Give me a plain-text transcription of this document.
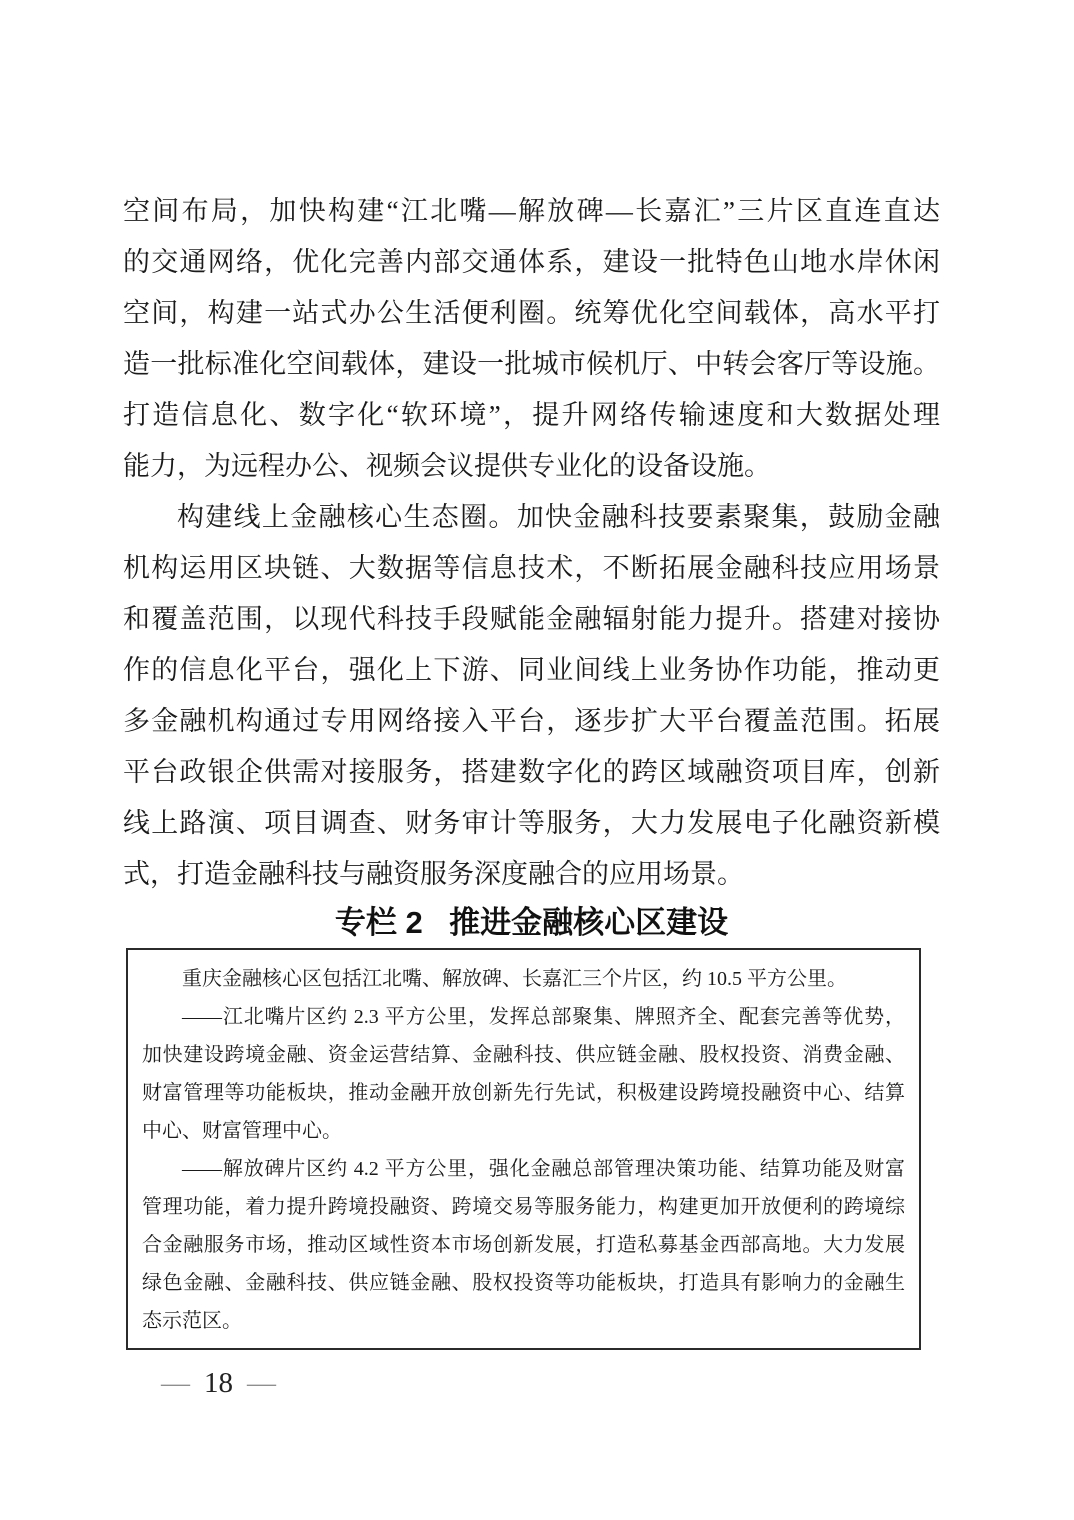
空间布局，加快构建“江北嘴—解放碑—长嘉汇”三片区直连直达
的交通网络，优化完善内部交通体系，建设一批特色山地水岸休闲
空间，构建一站式办公生活便利圈。统筹优化空间载体，高水平打
造一批标准化空间载体，建设一批城市候机厅、中转会客厅等设施。
打造信息化、数字化“软环境”，提升网络传输速度和大数据处理
能力，为远程办公、视频会议提供专业化的设备设施。
构建线上金融核心生态圈。加快金融科技要素聚集，鼓励金融
机构运用区块链、大数据等信息技术，不断拓展金融科技应用场景
和覆盖范围，以现代科技手段赋能金融辐射能力提升。搭建对接协
作的信息化平台，强化上下游、同业间线上业务协作功能，推动更
多金融机构通过专用网络接入平台，逐步扩大平台覆盖范围。拓展
平台政银企供需对接服务，搭建数字化的跨区域融资项目库，创新
线上路演、项目调查、财务审计等服务，大力发展电子化融资新模
式，打造金融科技与融资服务深度融合的应用场景。
专栏 2 推进金融核心区建设
重庆金融核心区包括江北嘴、解放碑、长嘉汇三个片区，约 10.5 平方公里。
——江北嘴片区约 2.3 平方公里，发挥总部聚集、牌照齐全、配套完善等优势，
加快建设跨境金融、资金运营结算、金融科技、供应链金融、股权投资、消费金融、
财富管理等功能板块，推动金融开放创新先行先试，积极建设跨境投融资中心、结算
中心、财富管理中心。
——解放碑片区约 4.2 平方公里，强化金融总部管理决策功能、结算功能及财富
管理功能，着力提升跨境投融资、跨境交易等服务能力，构建更加开放便利的跨境综
合金融服务市场，推动区域性资本市场创新发展，打造私募基金西部高地。大力发展
绿色金融、金融科技、供应链金融、股权投资等功能板块，打造具有影响力的金融生
态示范区。
— 18 —
